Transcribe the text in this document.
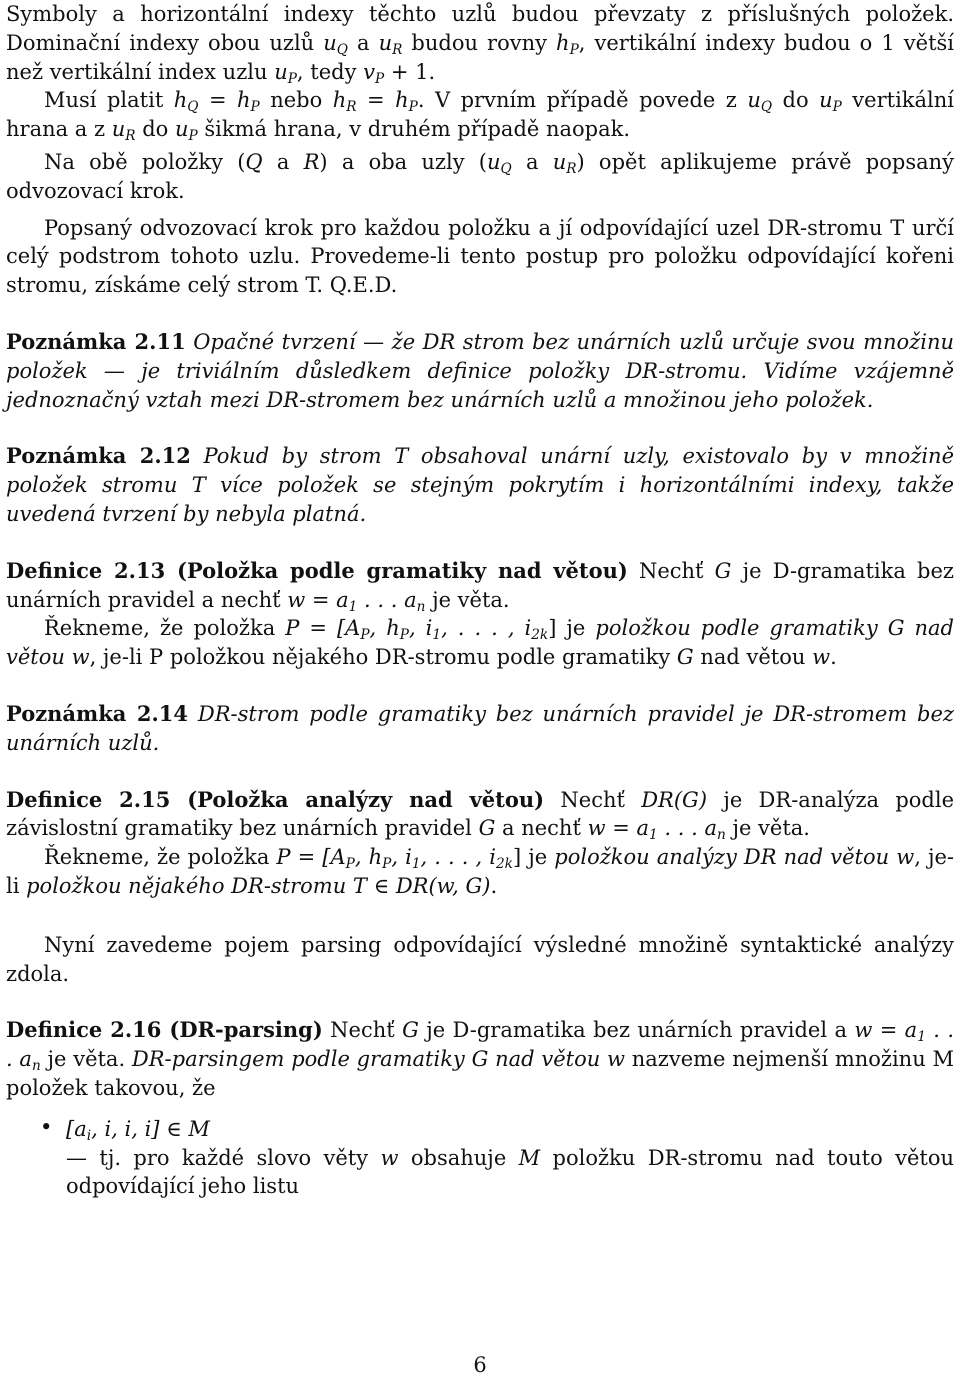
Symboly a horizontální indexy těchto uzlů budou převzaty z příslušných položek. Dominační indexy obou uzlů $u_Q$ a $u_R$ budou rovny $h_P$, vertikální indexy budou o 1 větší než vertikální index uzlu $u_P$, tedy $v_P + 1$.

Musí platit $h_Q = h_P$ nebo $h_R = h_P$. V prvním případě povede z $u_Q$ do $u_P$ vertikální hrana a z $u_R$ do $u_P$ šikmá hrana, v druhém případě naopak.

Na obě položky (Q a R) a oba uzly ($u_Q$ a $u_R$) opět aplikujeme právě popsaný odvozovací krok.

Popsaný odvozovací krok pro každou položku a jí odpovídající uzel DR-stromu T určí celý podstrom tohoto uzlu. Provedeme-li tento postup pro položku odpovídající kořeni stromu, získáme celý strom T. Q.E.D.

Poznámka 2.11 Opačné tvrzení — že DR strom bez unárních uzlů určuje svou množinu položek — je triviálním důsledkem definice položky DR-stromu. Vidíme vzájemně jednoznačný vztah mezi DR-stromem bez unárních uzlů a množinou jeho položek.

Poznámka 2.12 Pokud by strom T obsahoval unární uzly, existovalo by v množině položek stromu T více položek se stejným pokrytím i horizontálními indexy, takže uvedená tvrzení by nebyla platná.

Definice 2.13 (Položka podle gramatiky nad větou) Nechť G je D-gramatika bez unárních pravidel a nechť $w = a_1$ . . . $a_n$ je věta.

Řekneme, že položka $P = [A_P$, $h_P$, $i_1$, . . . , $i_{2k}$] je položkou podle gramatiky G nad větou w, je-li P položkou nějakého DR-stromu podle gramatiky G nad větou w.

Poznámka 2.14 DR-strom podle gramatiky bez unárních pravidel je DR-stromem bez unárních uzlů.

Definice 2.15 (Položka analýzy nad větou) Nechť DR(G) je DR-analýza podle závislostní gramatiky bez unárních pravidel G a nechť $w = a_1$ . . . $a_n$ je věta.

Řekneme, že položka $P = [A_P$, $h_P$, $i_1$, . . . , $i_{2k}$] je položkou analýzy DR nad větou w, je-li položkou nějakého DR-stromu T ∈ DR(w, G).

Nyní zavedeme pojem parsing odpovídající výsledné množině syntaktické analýzy zdola.

Definice 2.16 (DR-parsing) Nechť G je D-gramatika bez unárních pravidel a $w = a_1$ . . . $a_n$ je věta. DR-parsingem podle gramatiky G nad větou w nazveme nejmenší množinu M položek takovou, že

• [$a_i$, i, i, i] ∈ M

— tj. pro každé slovo věty w obsahuje M položku DR-stromu nad touto větou odpovídající jeho listu

6
